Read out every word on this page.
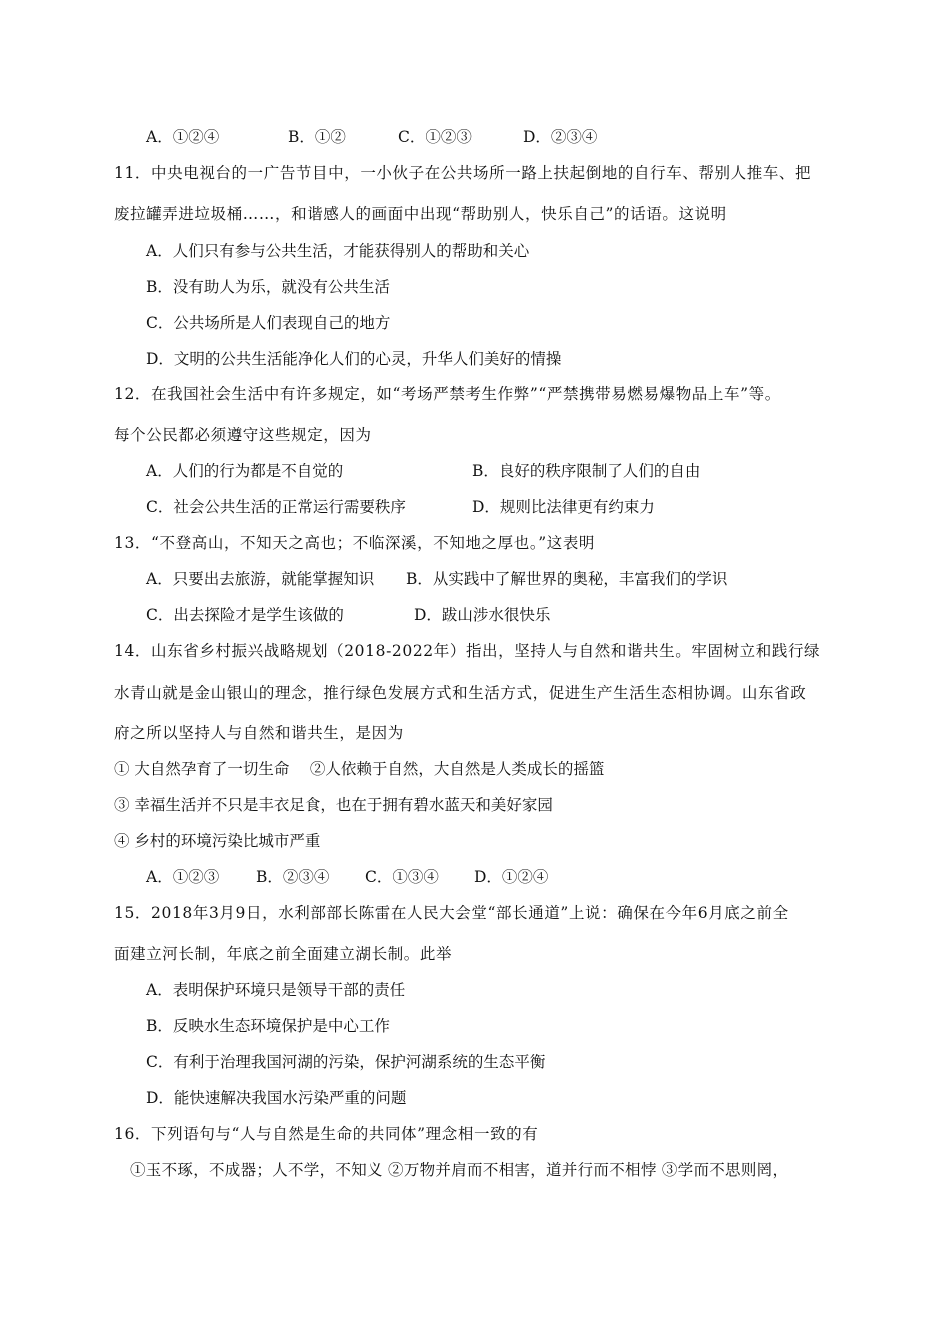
A．①②④	B．①②	C．①②③	D．②③④
11．中央电视台的一广告节目中，一小伙子在公共场所一路上扶起倒地的自行车、帮别人推车、把
废拉罐弄进垃圾桶……，和谐感人的画面中出现“帮助别人，快乐自己”的话语。这说明
A．人们只有参与公共生活，才能获得别人的帮助和关心
B．没有助人为乐，就没有公共生活
C．公共场所是人们表现自己的地方
D．文明的公共生活能净化人们的心灵，升华人们美好的情操
12．在我国社会生活中有许多规定，如“考场严禁考生作弊”“严禁携带易燃易爆物品上车”等。
每个公民都必须遵守这些规定，因为
A．人们的行为都是不自觉的	B．良好的秩序限制了人们的自由
C．社会公共生活的正常运行需要秩序	D．规则比法律更有约束力
13．“不登高山，不知天之高也；不临深溪，不知地之厚也。”这表明
A．只要出去旅游，就能掌握知识 B．从实践中了解世界的奥秘，丰富我们的学识
C．出去探险才是学生该做的	D．跋山涉水很快乐
14．山东省乡村振兴战略规划（2018-2022年）指出，坚持人与自然和谐共生。牢固树立和践行绿
水青山就是金山银山的理念，推行绿色发展方式和生活方式，促进生产生活生态相协调。山东省政
府之所以坚持人与自然和谐共生，是因为
① 大自然孕育了一切生命　 ②人依赖于自然，大自然是人类成长的摇篮
③ 幸福生活并不只是丰衣足食，也在于拥有碧水蓝天和美好家园
④ 乡村的环境污染比城市严重
A．①②③ B．②③④ C．①③④ D．①②④
15．2018年3月9日，水利部部长陈雷在人民大会堂“部长通道”上说：确保在今年6月底之前全
面建立河长制，年底之前全面建立湖长制。此举
A．表明保护环境只是领导干部的责任
B．反映水生态环境保护是中心工作
C．有利于治理我国河湖的污染，保护河湖系统的生态平衡
D．能快速解决我国水污染严重的问题
16．下列语句与“人与自然是生命的共同体”理念相一致的有
①玉不琢，不成器；人不学，不知义 ②万物并肩而不相害，道并行而不相悖 ③学而不思则罔，
